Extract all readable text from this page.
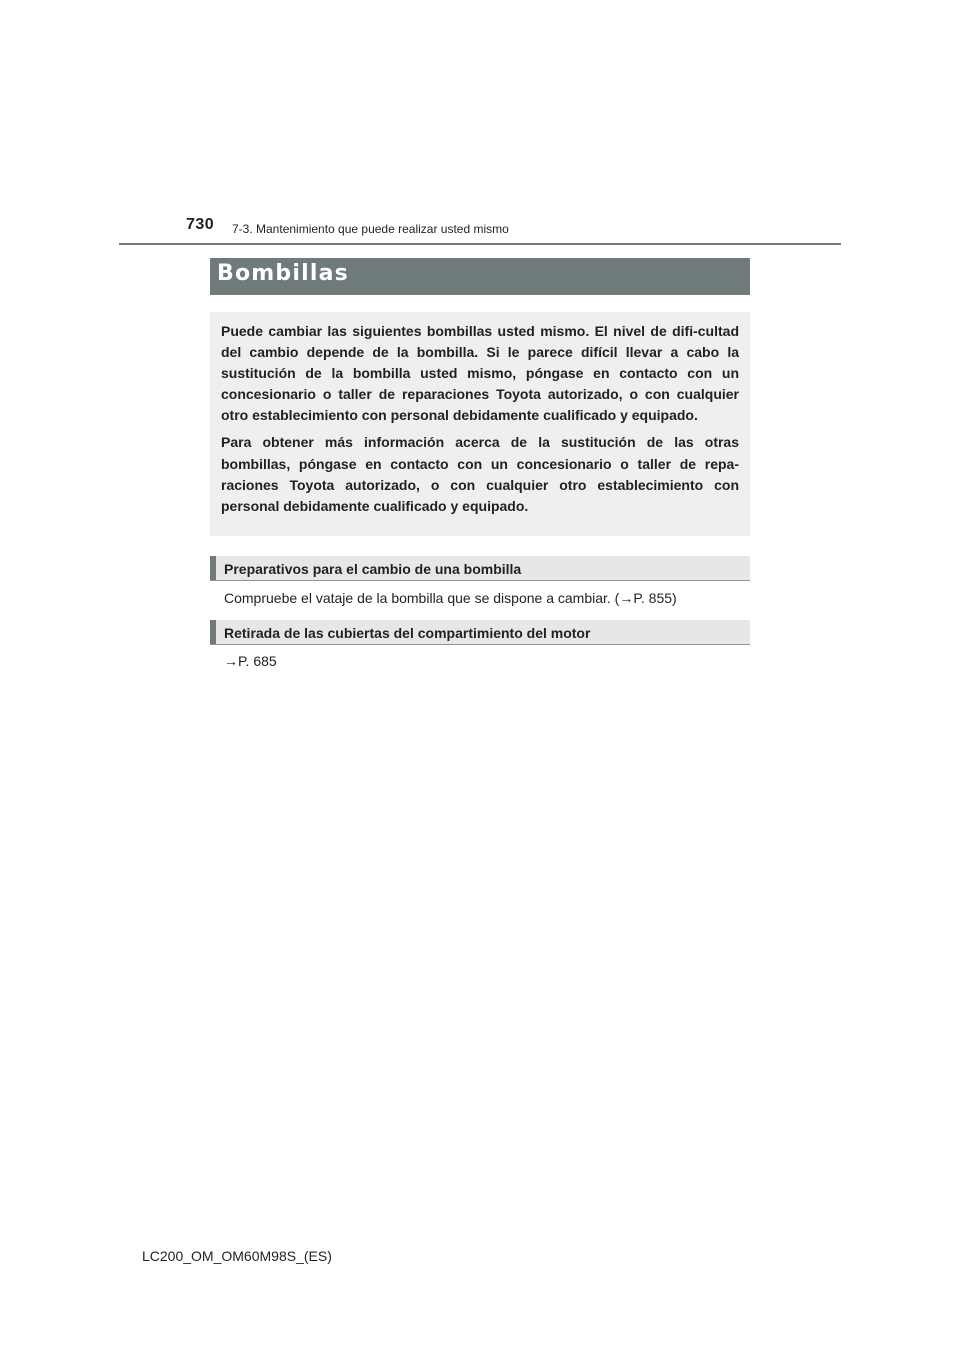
730 7-3. Mantenimiento que puede realizar usted mismo
Bombillas

Puede cambiar las siguientes bombillas usted mismo. El nivel de difi-cultad del cambio depende de la bombilla. Si le parece difícil llevar a cabo la sustitución de la bombilla usted mismo, póngase en contacto con un concesionario o taller de reparaciones Toyota autorizado, o con cualquier otro establecimiento con personal debidamente cualificado y equipado.

Para obtener más información acerca de la sustitución de las otras bombillas, póngase en contacto con un concesionario o taller de repa-raciones Toyota autorizado, o con cualquier otro establecimiento con personal debidamente cualificado y equipado.

Preparativos para el cambio de una bombilla
Compruebe el vataje de la bombilla que se dispone a cambiar. (→P. 855)
Retirada de las cubiertas del compartimiento del motor
→P. 685
LC200_OM_OM60M98S_(ES)
